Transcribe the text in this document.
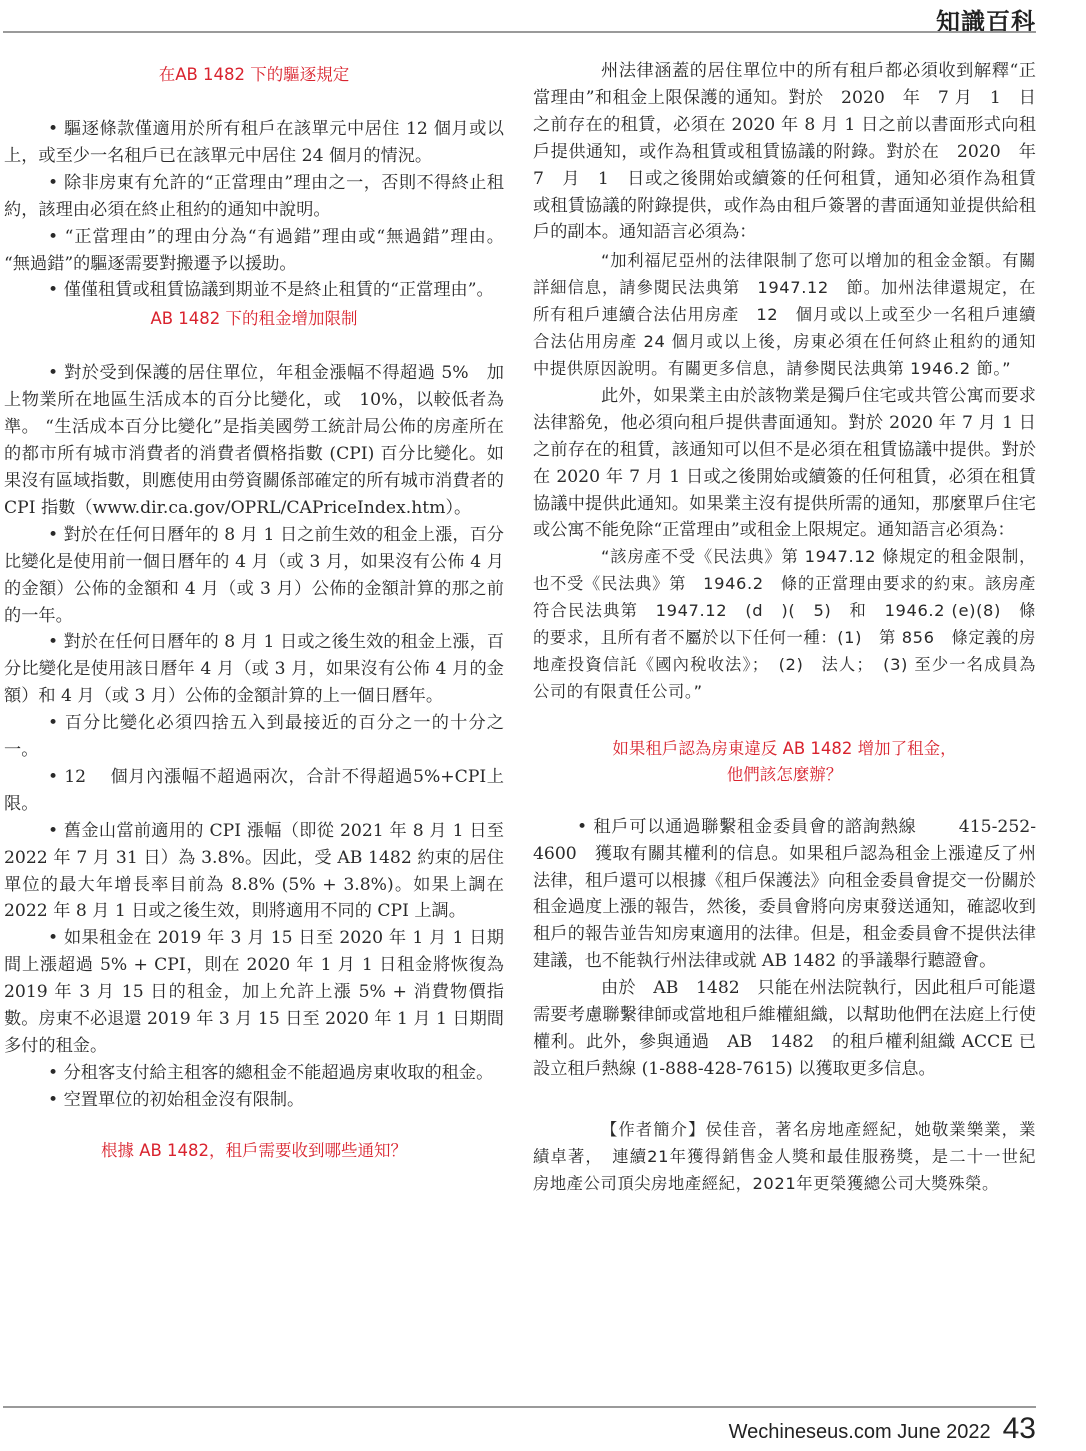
知識百科
在AB 1482 下的驅逐規定

• 驅逐條款僅適用於所有租戶在該單元中居住 12 個月或以上，或至少一名租戶已在該單元中居住 24 個月的情況。

• 除非房東有允許的“正當理由”理由之一，否則不得終止租約，該理由必須在終止租約的通知中說明。

• “正當理由”的理由分為“有過錯”理由或“無過錯”理由。 “無過錯”的驅逐需要對搬遷予以援助。

• 僅僅租賃或租賃協議到期並不是終止租賃的“正當理由”。

AB 1482 下的租金增加限制

• 對於受到保護的居住單位，年租金漲幅不得超過 5%　加上物業所在地區生活成本的百分比變化，或　10%，以較低者為準。 “生活成本百分比變化”是指美國勞工統計局公佈的房產所在的都市所有城市消費者的消費者價格指數 (CPI) 百分比變化。如果沒有區域指數，則應使用由勞資關係部確定的所有城市消費者的 CPI 指數（www.dir.ca.gov/OPRL/CAPriceIndex.htm）。

• 對於在任何日曆年的 8 月 1 日之前生效的租金上漲，百分比變化是使用前一個日曆年的 4 月（或 3 月，如果沒有公佈 4 月的金額）公佈的金額和 4 月（或 3 月）公佈的金額計算的那之前的一年。

• 對於在任何日曆年的 8 月 1 日或之後生效的租金上漲，百分比變化是使用該日曆年 4 月（或 3 月，如果沒有公佈 4 月的金額）和 4 月（或 3 月）公佈的金額計算的上一個日曆年。

• 百分比變化必須四捨五入到最接近的百分之一的十分之一。

• 12　 個月內漲幅不超過兩次，合計不得超過5%+CPI上限。

• 舊金山當前適用的 CPI 漲幅（即從 2021 年 8 月 1 日至 2022 年 7 月 31 日）為 3.8%。因此，受 AB 1482 約束的居住單位的最大年增長率目前為 8.8% (5% + 3.8%)。如果上調在 2022 年 8 月 1 日或之後生效，則將適用不同的 CPI 上調。

• 如果租金在 2019 年 3 月 15 日至 2020 年 1 月 1 日期間上漲超過 5% + CPI，則在 2020 年 1 月 1 日租金將恢復為 2019 年 3 月 15 日的租金，加上允許上漲 5% + 消費物價指數。房東不必退還 2019 年 3 月 15 日至 2020 年 1 月 1 日期間多付的租金。

• 分租客支付給主租客的總租金不能超過房東收取的租金。

• 空置單位的初始租金沒有限制。

根據 AB 1482，租戶需要收到哪些通知？

州法律涵蓋的居住單位中的所有租戶都必須收到解釋“正當理由”和租金上限保護的通知。對於　2020　年　7 月　1　日之前存在的租賃，必須在 2020 年 8 月 1 日之前以書面形式向租戶提供通知，或作為租賃或租賃協議的附錄。對於在　2020　年　7　月　1　日或之後開始或續簽的任何租賃，通知必須作為租賃或租賃協議的附錄提供，或作為由租戶簽署的書面通知並提供給租戶的副本。通知語言必須為：

“加利福尼亞州的法律限制了您可以增加的租金金額。有關詳細信息，請參閱民法典第　1947.12　節。加州法律還規定，在所有租戶連續合法佔用房產　12　個月或以上或至少一名租戶連續合法佔用房產 24 個月或以上後，房東必須在任何終止租約的通知中提供原因說明。有關更多信息，請參閱民法典第 1946.2 節。”

此外，如果業主由於該物業是獨戶住宅或共管公寓而要求法律豁免，他必須向租戶提供書面通知。對於 2020 年 7 月 1 日之前存在的租賃，該通知可以但不是必須在租賃協議中提供。對於在 2020 年 7 月 1 日或之後開始或續簽的任何租賃，必須在租賃協議中提供此通知。如果業主沒有提供所需的通知，那麼單戶住宅或公寓不能免除“正當理由”或租金上限規定。通知語言必須為：

“該房產不受《民法典》第 1947.12 條規定的租金限制，也不受《民法典》第　1946.2　條的正當理由要求的約束。該房產符合民法典第　1947.12　(d　)(　5)　和　1946.2 (e)(8)　條的要求，且所有者不屬於以下任何一種：(1)　第 856　條定義的房地產投資信託《國內稅收法》；　(2)　法人；　(3) 至少一名成員為公司的有限責任公司。”

如果租戶認為房東違反 AB 1482 增加了租金，
他們該怎麼辦？

• 租戶可以通過聯繫租金委員會的諮詢熱線　　 415-252-4600　獲取有關其權利的信息。如果租戶認為租金上漲違反了州法律，租戶還可以根據《租戶保護法》向租金委員會提交一份關於租金過度上漲的報告，然後，委員會將向房東發送通知，確認收到租戶的報告並告知房東適用的法律。但是，租金委員會不提供法律建議，也不能執行州法律或就 AB 1482 的爭議舉行聽證會。

由於　AB　1482　只能在州法院執行，因此租戶可能還需要考慮聯繫律師或當地租戶維權組織，以幫助他們在法庭上行使權利。此外，參與通過　AB　1482　的租戶權利組織 ACCE 已設立租戶熱線 (1-888-428-7615) 以獲取更多信息。

【作者簡介】侯佳音，著名房地產經紀，她敬業樂業，業績卓著，　連續21年獲得銷售金人獎和最佳服務獎，是二十一世紀房地產公司頂尖房地產經紀，2021年更榮獲總公司大獎殊榮。

Wechineseus.com June 2022 43
